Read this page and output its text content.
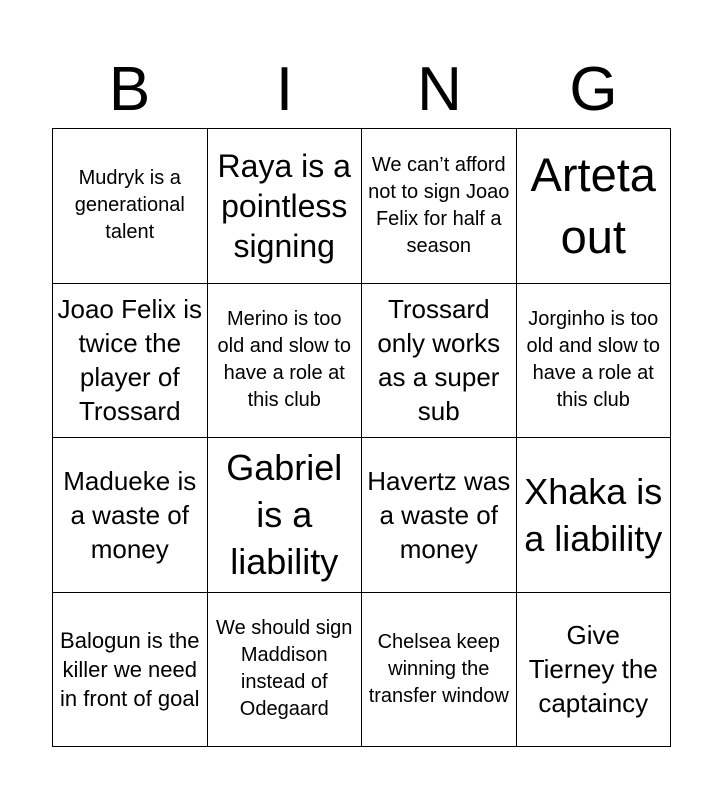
B	I	N	G
Mudryk is a generational talent
Raya is a pointless signing
We can’t afford not to sign Joao Felix for half a season
Arteta out
Joao Felix is twice the player of Trossard
Merino is too old and slow to have a role at this club
Trossard only works as a super sub
Jorginho is too old and slow to have a role at this club
Madueke is a waste of money
Gabriel is a liability
Havertz was a waste of money
Xhaka is a liability
Balogun is the killer we need in front of goal
We should sign Maddison instead of Odegaard
Chelsea keep winning the transfer window
Give Tierney the captaincy
